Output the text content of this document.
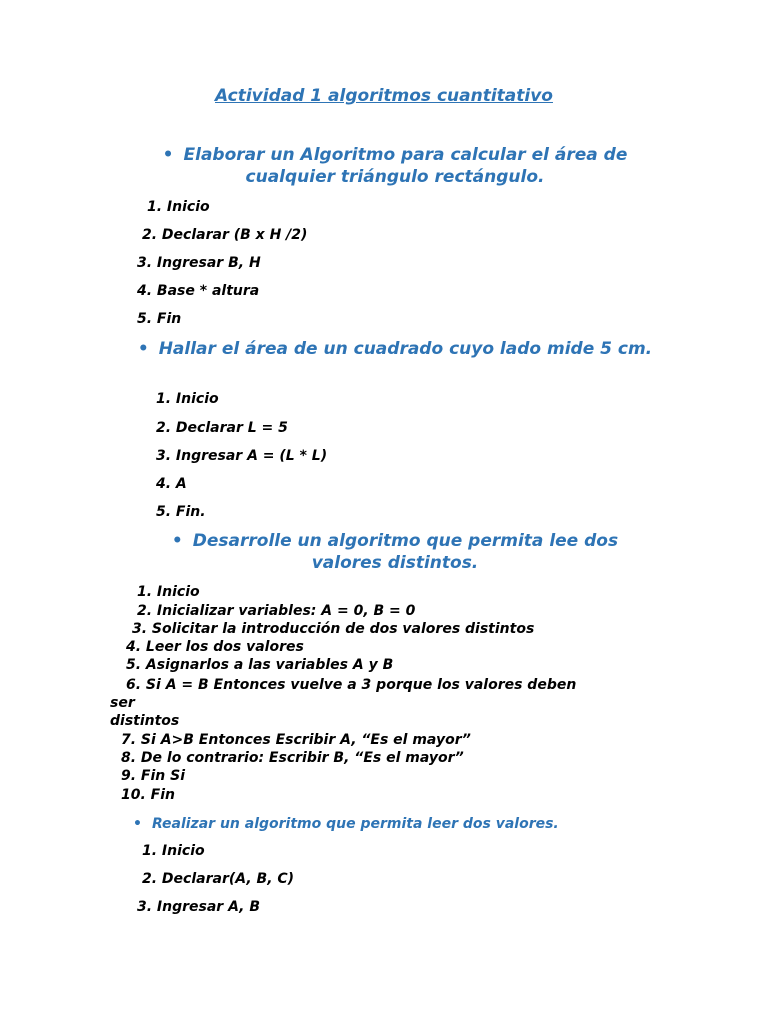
Actividad 1 algoritmos cuantitativo
• Elaborar un Algoritmo para calcular el área de cualquier triángulo rectángulo.
1. Inicio
2. Declarar (B x H /2)
3. Ingresar B, H
4. Base * altura
5. Fin
• Hallar el área de un cuadrado cuyo lado mide 5 cm.
1. Inicio
2. Declarar L = 5
3. Ingresar A = (L * L)
4. A
5. Fin.
• Desarrolle un algoritmo que permita lee dos valores distintos.
1. Inicio
2. Inicializar variables: A = 0, B = 0
3. Solicitar la introducción de dos valores distintos
4. Leer los dos valores
5. Asignarlos a las variables A y B
6. Si A = B Entonces vuelve a 3 porque los valores deben
ser
distintos
7. Si A>B Entonces Escribir A, “Es el mayor”
8. De lo contrario: Escribir B, “Es el mayor”
9. Fin Si
10. Fin
• Realizar un algoritmo que permita leer dos valores.
1. Inicio
2. Declarar(A, B, C)
3. Ingresar A, B
